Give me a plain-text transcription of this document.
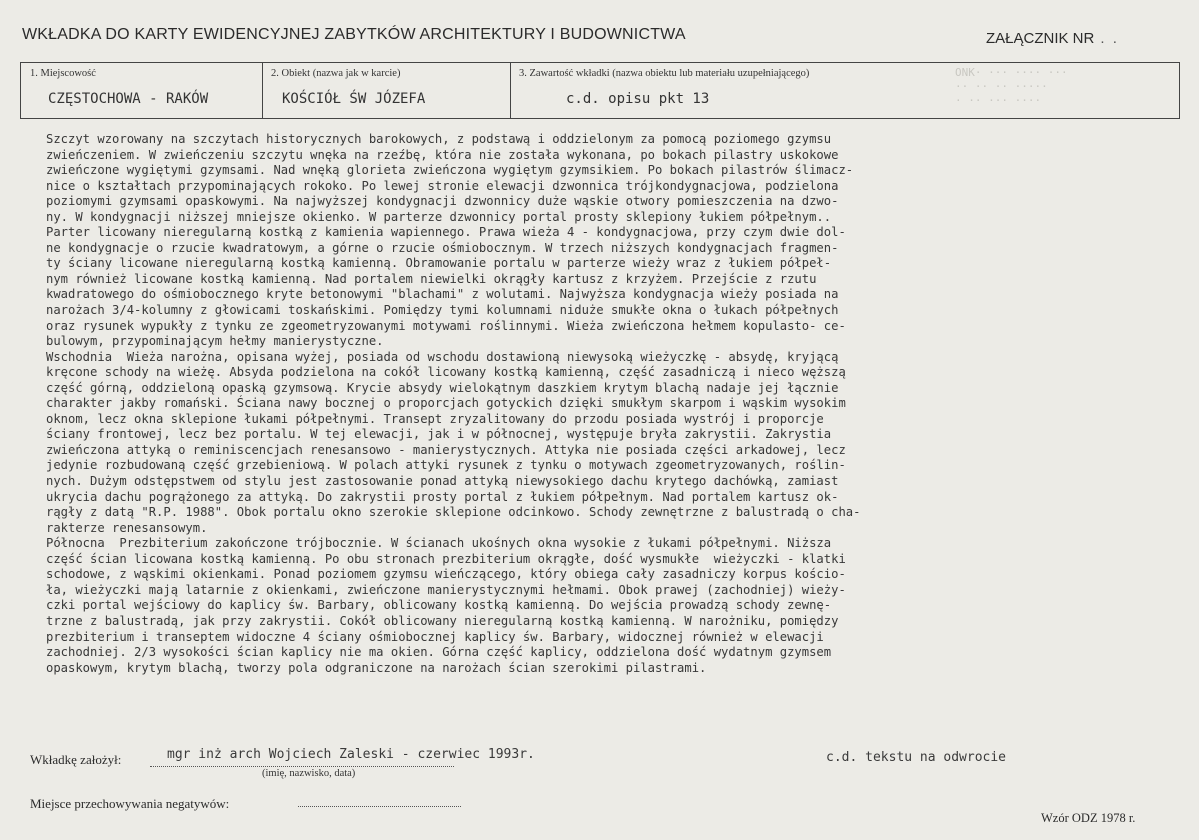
WKŁADKA DO KARTY EWIDENCYJNEJ ZABYTKÓW ARCHITEKTURY I BUDOWNICTWA	ZAŁĄCZNIK NR . .
ONK· ··· ···· ···
·· ·· ·· ·····
· ·· ··· ····
1. Miejscowość
CZĘSTOCHOWA - RAKÓW
2. Obiekt (nazwa jak w karcie)
KOŚCIÓŁ ŚW JÓZEFA
3. Zawartość wkładki (nazwa obiektu lub materiału uzupełniającego)
c.d. opisu pkt 13
Szczyt wzorowany na szczytach historycznych barokowych, z podstawą i oddzielonym za pomocą poziomego gzymsu
zwieńczeniem. W zwieńczeniu szczytu wnęka na rzeźbę, która nie została wykonana, po bokach pilastry uskokowe
zwieńczone wygiętymi gzymsami. Nad wnęką glorieta zwieńczona wygiętym gzymsikiem. Po bokach pilastrów ślimacz-
nice o kształtach przypominających rokoko. Po lewej stronie elewacji dzwonnica trójkondygnacjowa, podzielona
poziomymi gzymsami opaskowymi. Na najwyższej kondygnacji dzwonnicy duże wąskie otwory pomieszczenia na dzwo-
ny. W kondygnacji niższej mniejsze okienko. W parterze dzwonnicy portal prosty sklepiony łukiem półpełnym..
Parter licowany nieregularną kostką z kamienia wapiennego. Prawa wieża 4 - kondygnacjowa, przy czym dwie dol-
ne kondygnacje o rzucie kwadratowym, a górne o rzucie ośmiobocznym. W trzech niższych kondygnacjach fragmen-
ty ściany licowane nieregularną kostką kamienną. Obramowanie portalu w parterze wieży wraz z łukiem półpeł-
nym również licowane kostką kamienną. Nad portalem niewielki okrągły kartusz z krzyżem. Przejście z rzutu
kwadratowego do ośmiobocznego kryte betonowymi "blachami" z wolutami. Najwyższa kondygnacja wieży posiada na
narożach 3/4-kolumny z głowicami toskańskimi. Pomiędzy tymi kolumnami niduże smukłe okna o łukach półpełnych
oraz rysunek wypukły z tynku ze zgeometryzowanymi motywami roślinnymi. Wieża zwieńczona hełmem kopulasto- ce-
bulowym, przypominającym hełmy manierystyczne.
Wschodnia  Wieża narożna, opisana wyżej, posiada od wschodu dostawioną niewysoką wieżyczkę - absydę, kryjącą
kręcone schody na wieżę. Absyda podzielona na cokół licowany kostką kamienną, część zasadniczą i nieco węższą
część górną, oddzieloną opaską gzymsową. Krycie absydy wielokątnym daszkiem krytym blachą nadaje jej łącznie
charakter jakby romański. Ściana nawy bocznej o proporcjach gotyckich dzięki smukłym skarpom i wąskim wysokim
oknom, lecz okna sklepione łukami półpełnymi. Transept zryzalitowany do przodu posiada wystrój i proporcje
ściany frontowej, lecz bez portalu. W tej elewacji, jak i w północnej, występuje bryła zakrystii. Zakrystia
zwieńczona attyką o reminiscencjach renesansowo - manierystycznych. Attyka nie posiada części arkadowej, lecz
jedynie rozbudowaną część grzebieniową. W polach attyki rysunek z tynku o motywach zgeometryzowanych, roślin-
nych. Dużym odstępstwem od stylu jest zastosowanie ponad attyką niewysokiego dachu krytego dachówką, zamiast
ukrycia dachu pogrążonego za attyką. Do zakrystii prosty portal z łukiem półpełnym. Nad portalem kartusz ok-
rągły z datą "R.P. 1988". Obok portalu okno szerokie sklepione odcinkowo. Schody zewnętrzne z balustradą o cha-
rakterze renesansowym.
Północna  Prezbiterium zakończone trójbocznie. W ścianach ukośnych okna wysokie z łukami półpełnymi. Niższa
część ścian licowana kostką kamienną. Po obu stronach prezbiterium okrągłe, dość wysmukłe  wieżyczki - klatki
schodowe, z wąskimi okienkami. Ponad poziomem gzymsu wieńczącego, który obiega cały zasadniczy korpus kościo-
ła, wieżyczki mają latarnie z okienkami, zwieńczone manierystycznymi hełmami. Obok prawej (zachodniej) wieży-
czki portal wejściowy do kaplicy św. Barbary, oblicowany kostką kamienną. Do wejścia prowadzą schody zewnę-
trzne z balustradą, jak przy zakrystii. Cokół oblicowany nieregularną kostką kamienną. W narożniku, pomiędzy
prezbiterium i transeptem widoczne 4 ściany ośmiobocznej kaplicy św. Barbary, widocznej również w elewacji
zachodniej. 2/3 wysokości ścian kaplicy nie ma okien. Górna część kaplicy, oddzielona dość wydatnym gzymsem
opaskowym, krytym blachą, tworzy pola odgraniczone na narożach ścian szerokimi pilastrami.
Wkładkę założył:	mgr inż arch Wojciech Zaleski - czerwiec 1993r.
(imię, nazwisko, data)
c.d. tekstu na odwrocie
Miejsce przechowywania negatywów:
Wzór ODZ 1978 r.
